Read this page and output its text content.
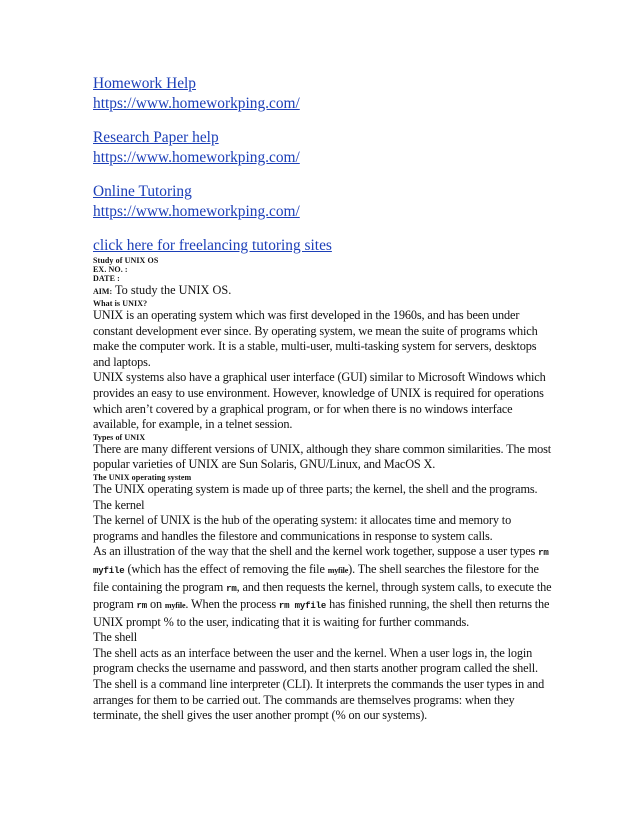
Homework Help
https://www.homeworkping.com/
Research Paper help
https://www.homeworkping.com/
Online Tutoring
https://www.homeworkping.com/
click here for freelancing tutoring sites
Study of UNIX OS
EX. NO. :
DATE :
AIM: To study the UNIX OS.
What is UNIX?

UNIX is an operating system which was first developed in the 1960s, and has been under constant development ever since. By operating system, we mean the suite of programs which make the computer work. It is a stable, multi-user, multi-tasking system for servers, desktops and laptops.

UNIX systems also have a graphical user interface (GUI) similar to Microsoft Windows which provides an easy to use environment. However, knowledge of UNIX is required for operations which aren’t covered by a graphical program, or for when there is no windows interface available, for example, in a telnet session.

Types of UNIX

There are many different versions of UNIX, although they share common similarities. The most popular varieties of UNIX are Sun Solaris, GNU/Linux, and MacOS X.

The UNIX operating system

The UNIX operating system is made up of three parts; the kernel, the shell and the programs.

The kernel

The kernel of UNIX is the hub of the operating system: it allocates time and memory to programs and handles the filestore and communications in response to system calls.

As an illustration of the way that the shell and the kernel work together, suppose a user types rm myfile (which has the effect of removing the file myfile). The shell searches the filestore for the file containing the program rm, and then requests the kernel, through system calls, to execute the program rm on myfile. When the process rm myfile has finished running, the shell then returns the UNIX prompt % to the user, indicating that it is waiting for further commands.

The shell

The shell acts as an interface between the user and the kernel. When a user logs in, the login program checks the username and password, and then starts another program called the shell. The shell is a command line interpreter (CLI). It interprets the commands the user types in and arranges for them to be carried out. The commands are themselves programs: when they terminate, the shell gives the user another prompt (% on our systems).
